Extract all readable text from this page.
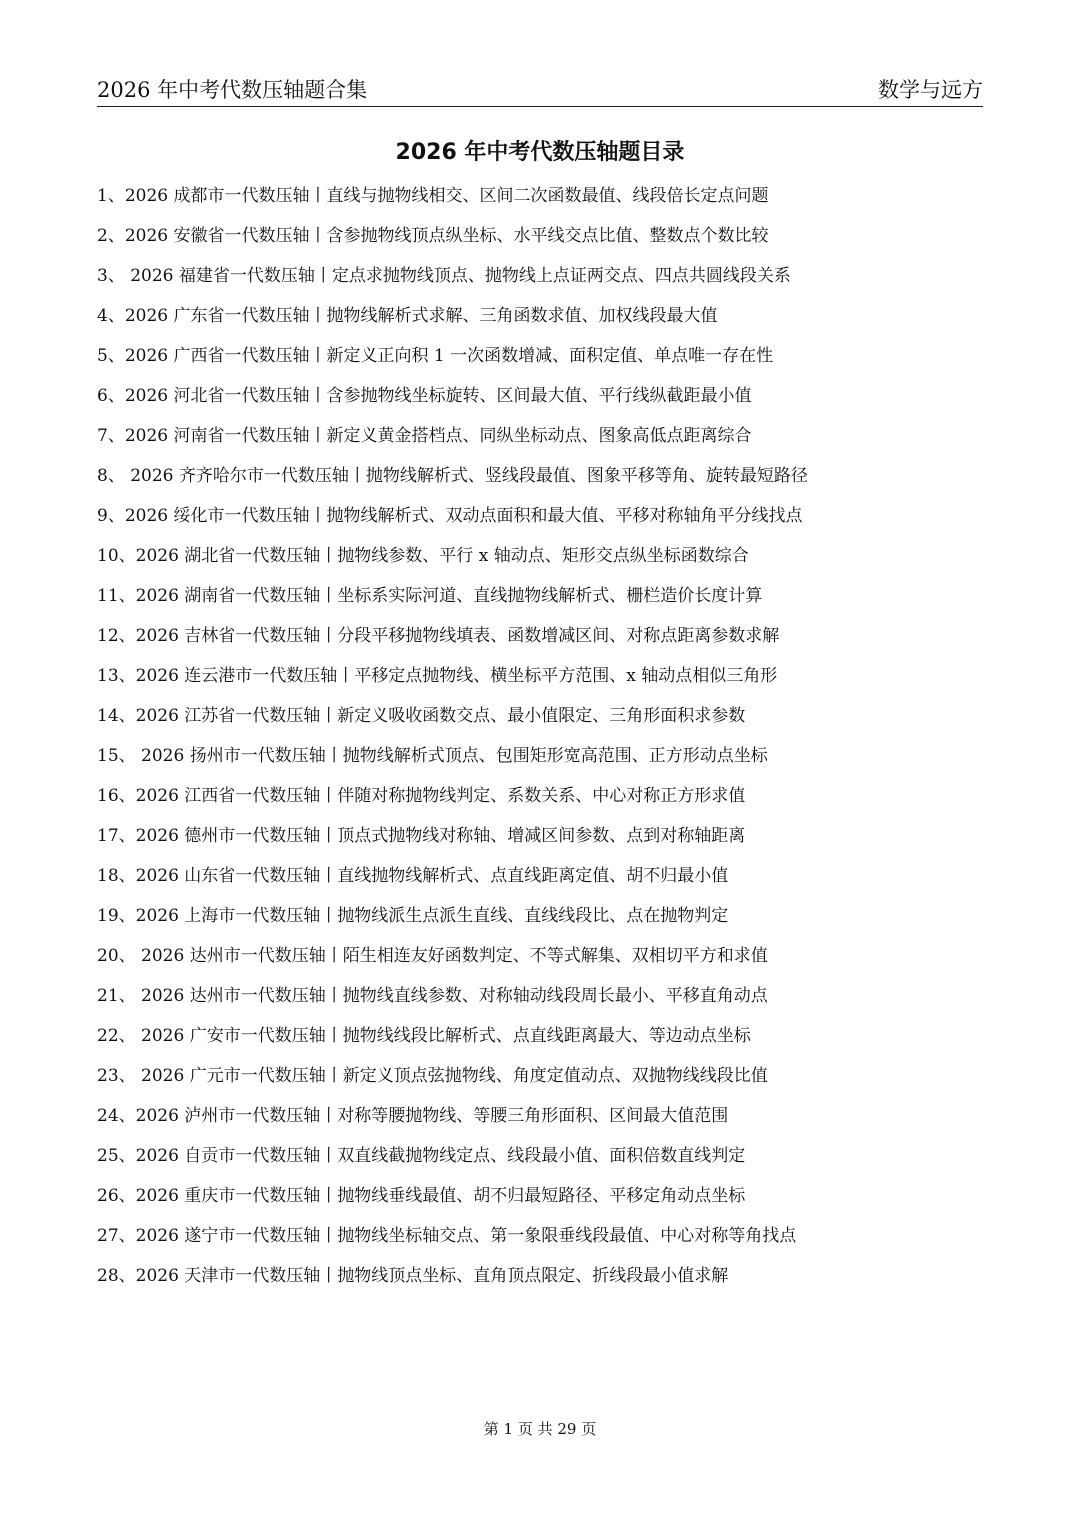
2026 年中考代数压轴题合集	数学与远方
2026 年中考代数压轴题目录
1、2026 成都市一代数压轴丨直线与抛物线相交、区间二次函数最值、线段倍长定点问题
2、2026 安徽省一代数压轴丨含参抛物线顶点纵坐标、水平线交点比值、整数点个数比较
3、 2026 福建省一代数压轴丨定点求抛物线顶点、抛物线上点证两交点、四点共圆线段关系
4、2026 广东省一代数压轴丨抛物线解析式求解、三角函数求值、加权线段最大值
5、2026 广西省一代数压轴丨新定义正向积 1 一次函数增减、面积定值、单点唯一存在性
6、2026 河北省一代数压轴丨含参抛物线坐标旋转、区间最大值、平行线纵截距最小值
7、2026 河南省一代数压轴丨新定义黄金搭档点、同纵坐标动点、图象高低点距离综合
8、 2026 齐齐哈尔市一代数压轴丨抛物线解析式、竖线段最值、图象平移等角、旋转最短路径
9、2026 绥化市一代数压轴丨抛物线解析式、双动点面积和最大值、平移对称轴角平分线找点
10、2026 湖北省一代数压轴丨抛物线参数、平行 x 轴动点、矩形交点纵坐标函数综合
11、2026 湖南省一代数压轴丨坐标系实际河道、直线抛物线解析式、栅栏造价长度计算
12、2026 吉林省一代数压轴丨分段平移抛物线填表、函数增减区间、对称点距离参数求解
13、2026 连云港市一代数压轴丨平移定点抛物线、横坐标平方范围、x 轴动点相似三角形
14、2026 江苏省一代数压轴丨新定义吸收函数交点、最小值限定、三角形面积求参数
15、 2026 扬州市一代数压轴丨抛物线解析式顶点、包围矩形宽高范围、正方形动点坐标
16、2026 江西省一代数压轴丨伴随对称抛物线判定、系数关系、中心对称正方形求值
17、2026 德州市一代数压轴丨顶点式抛物线对称轴、增减区间参数、点到对称轴距离
18、2026 山东省一代数压轴丨直线抛物线解析式、点直线距离定值、胡不归最小值
19、2026 上海市一代数压轴丨抛物线派生点派生直线、直线线段比、点在抛物判定
20、 2026 达州市一代数压轴丨陌生相连友好函数判定、不等式解集、双相切平方和求值
21、 2026 达州市一代数压轴丨抛物线直线参数、对称轴动线段周长最小、平移直角动点
22、 2026 广安市一代数压轴丨抛物线线段比解析式、点直线距离最大、等边动点坐标
23、 2026 广元市一代数压轴丨新定义顶点弦抛物线、角度定值动点、双抛物线线段比值
24、2026 泸州市一代数压轴丨对称等腰抛物线、等腰三角形面积、区间最大值范围
25、2026 自贡市一代数压轴丨双直线截抛物线定点、线段最小值、面积倍数直线判定
26、2026 重庆市一代数压轴丨抛物线垂线最值、胡不归最短路径、平移定角动点坐标
27、2026 遂宁市一代数压轴丨抛物线坐标轴交点、第一象限垂线段最值、中心对称等角找点
28、2026 天津市一代数压轴丨抛物线顶点坐标、直角顶点限定、折线段最小值求解
第 1 页 共 29 页
